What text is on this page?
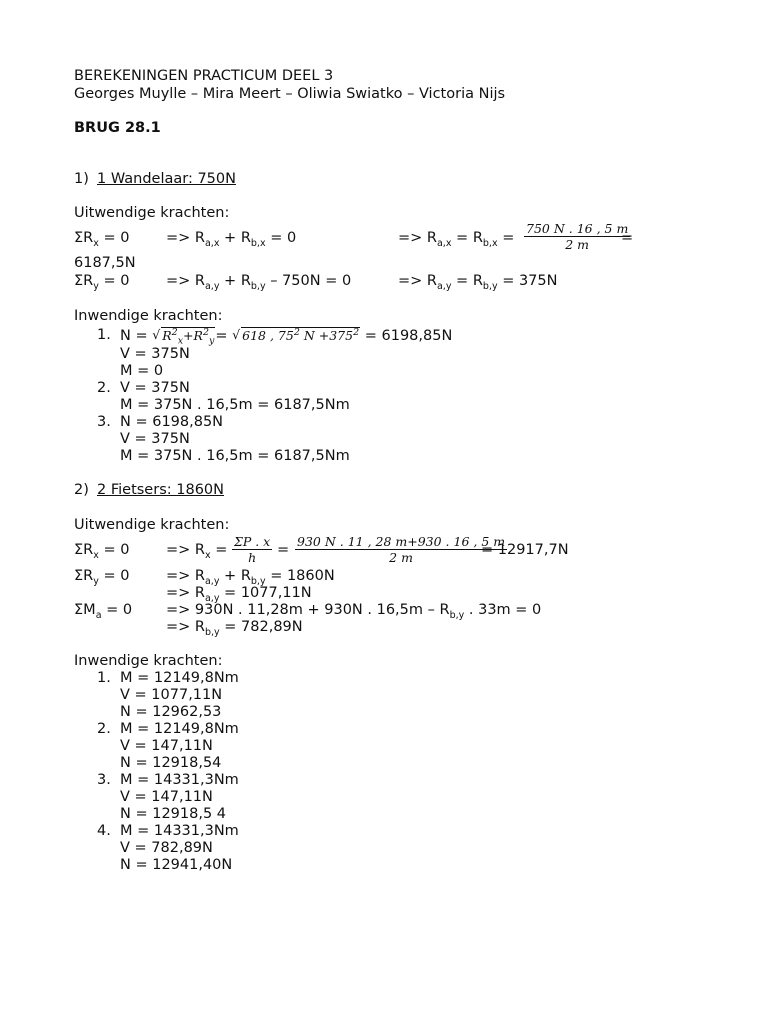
BEREKENINGEN PRACTICUM DEEL 3
Georges Muylle – Mira Meert – Oliwia Swiatko – Victoria Nijs
BRUG 28.1
1) 1 Wandelaar: 750N
Uitwendige krachten:
$\Sigma R_x = 0$	=> $R_{a,x} + R_{b,x} = 0$	=> $R_{a,x} = R_{b,x} = \frac{750 N . 16 , 5 m}{2 m}$
=
6187,5N
$\Sigma R_y = 0$	=> $R_{a,y} + R_{b,y} - 750N = 0$	=> $R_{a,y} = R_{b,y} = 375N$
Inwendige krachten:
1. N = √ $R^2_x+R^2_y=$ √ 618 , $75^2$ $N +375^2 = 6198,85N$
V = 375N
M = 0
2. V = 375N
M = 375N . 16,5m = 6187,5Nm
3. N = 6198,85N
V = 375N
M = 375N . 16,5m = 6187,5Nm
2) 2 Fietsers: 1860N
Uitwendige krachten:
$\Sigma R_x = 0$	=> $R_x = \frac{\Sigma P . x}{h} = \frac{930 N . 11 , 28 m+930 . 16 , 5 m}{2 m}$
= 12917,7N
$\Sigma R_y = 0$	=> $R_{a,y} + R_{b,y} = 1860N$
=> $R_{a,y} = 1077,11N$
$\Sigma M_a = 0 => 930N$ . 11,28m + 930N . $16,5m - R_{b,y}$ . 33m = 0
=> $R_{b,y} = 782,89N$
Inwendige krachten:
1. M = 12149,8Nm
V = 1077,11N
N = 12962,53
2. M = 12149,8Nm
V = 147,11N
N = 12918,54
3. M = 14331,3Nm
V = 147,11N
N = 12918,5 4
4. M = 14331,3Nm
V = 782,89N
N = 12941,40N
